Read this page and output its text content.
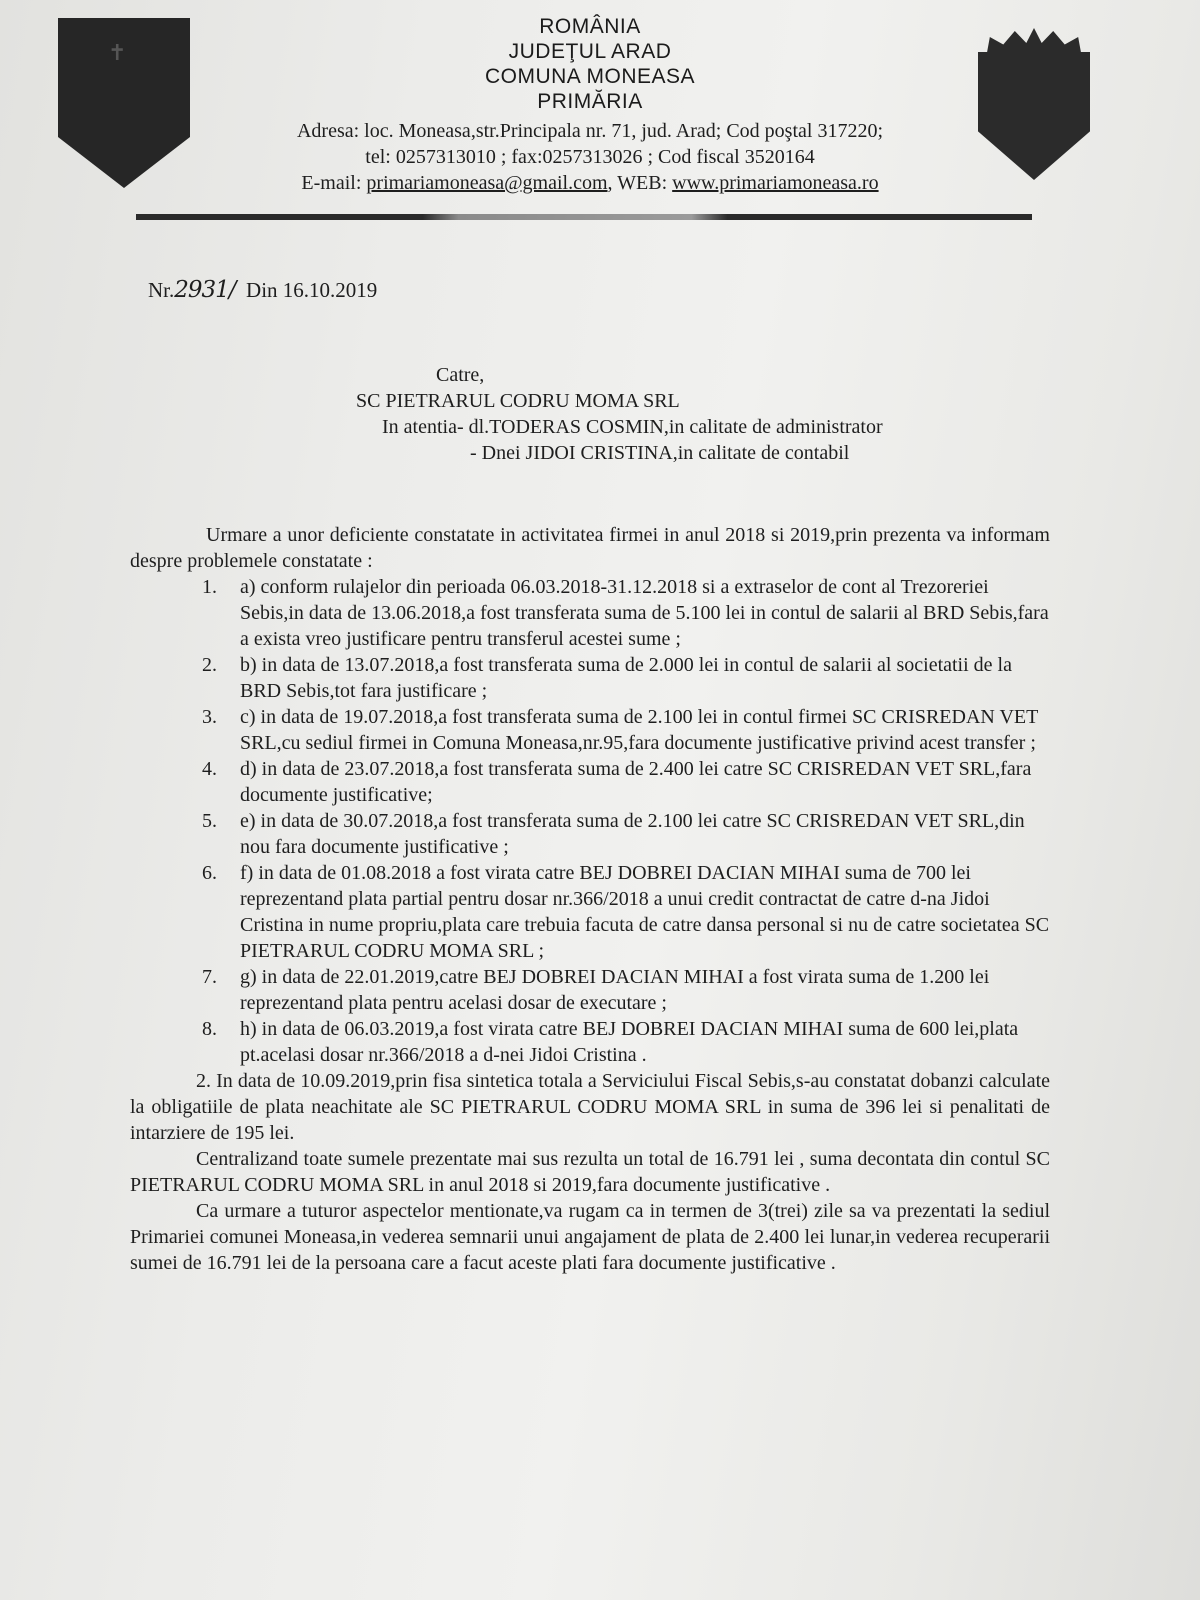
✝
ROMÂNIA
JUDEŢUL ARAD
COMUNA MONEASA
PRIMĂRIA
Adresa: loc. Moneasa,str.Principala nr. 71, jud. Arad; Cod poştal 317220;
tel: 0257313010 ; fax:0257313026 ; Cod fiscal 3520164
E-mail: primariamoneasa@gmail.com, WEB: www.primariamoneasa.ro
Nr.2931/ Din 16.10.2019
Catre,
SC PIETRARUL CODRU MOMA SRL
In atentia- dl.TODERAS COSMIN,in calitate de administrator
- Dnei JIDOI CRISTINA,in calitate de contabil

Urmare a unor deficiente constatate in activitatea firmei in anul 2018 si 2019,prin prezenta va informam despre problemele constatate :

1. a) conform rulajelor din perioada 06.03.2018-31.12.2018 si a extraselor de cont al Trezoreriei Sebis,in data de 13.06.2018,a fost transferata suma de 5.100 lei in contul de salarii al BRD Sebis,fara a exista vreo justificare pentru transferul acestei sume ;
2. b) in data de 13.07.2018,a fost transferata suma de 2.000 lei in contul de salarii al societatii de la BRD Sebis,tot fara justificare ;
3. c) in data de 19.07.2018,a fost transferata suma de 2.100 lei in contul firmei SC CRISREDAN VET SRL,cu sediul firmei in Comuna Moneasa,nr.95,fara documente justificative privind acest transfer ;
4. d) in data de 23.07.2018,a fost transferata suma de 2.400 lei catre SC CRISREDAN VET SRL,fara documente justificative;
5. e) in data de 30.07.2018,a fost transferata suma de 2.100 lei catre SC CRISREDAN VET SRL,din nou fara documente justificative ;
6. f) in data de 01.08.2018 a fost virata catre BEJ DOBREI DACIAN MIHAI suma de 700 lei reprezentand plata partial pentru dosar nr.366/2018 a unui credit contractat de catre d-na Jidoi Cristina in nume propriu,plata care trebuia facuta de catre dansa personal si nu de catre societatea SC PIETRARUL CODRU MOMA SRL ;
7. g) in data de 22.01.2019,catre BEJ DOBREI DACIAN MIHAI a fost virata suma de 1.200 lei reprezentand plata pentru acelasi dosar de executare ;
8. h) in data de 06.03.2019,a fost virata catre BEJ DOBREI DACIAN MIHAI suma de 600 lei,plata pt.acelasi dosar nr.366/2018 a d-nei Jidoi Cristina .

2. In data de 10.09.2019,prin fisa sintetica totala a Serviciului Fiscal Sebis,s-au constatat dobanzi calculate la obligatiile de plata neachitate ale SC PIETRARUL CODRU MOMA SRL in suma de 396 lei si penalitati de intarziere de 195 lei.

Centralizand toate sumele prezentate mai sus rezulta un total de 16.791 lei , suma decontata din contul SC PIETRARUL CODRU MOMA SRL in anul 2018 si 2019,fara documente justificative .

Ca urmare a tuturor aspectelor mentionate,va rugam ca in termen de 3(trei) zile sa va prezentati la sediul Primariei comunei Moneasa,in vederea semnarii unui angajament de plata de 2.400 lei lunar,in vederea recuperarii sumei de 16.791 lei de la persoana care a facut aceste plati fara documente justificative .
